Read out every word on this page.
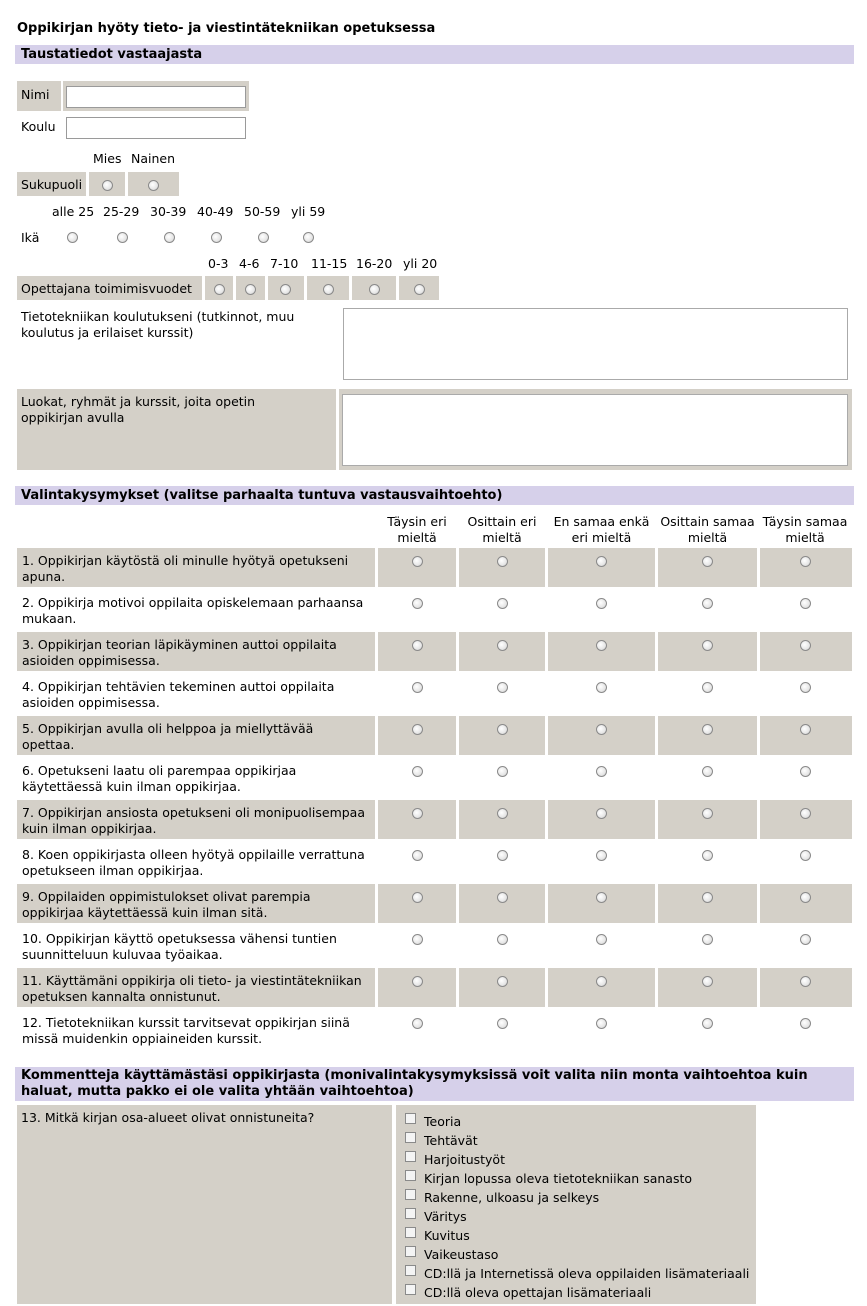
Oppikirjan hyöty tieto- ja viestintätekniikan opetuksessa
Taustatiedot vastaajasta
Nimi
Koulu
Mies Nainen
Sukupuoli
alle 25 25-29 30-39 40-49 50-59 yli 59
Ikä
0-3 4-6 7-10 11-15 16-20 yli 20
Opettajana toimimisvuodet
Tietotekniikan koulutukseni (tutkinnot, muu koulutus ja erilaiset kurssit)
Luokat, ryhmät ja kurssit, joita opetin oppikirjan avulla
Valintakysymykset (valitse parhaalta tuntuva vastausvaihtoehto)
Täysin eri mieltä
Osittain eri mieltä
En samaa enkä eri mieltä
Osittain samaa mieltä
Täysin samaa mieltä
1. Oppikirjan käytöstä oli minulle hyötyä opetukseni apuna.
2. Oppikirja motivoi oppilaita opiskelemaan parhaansa mukaan.
3. Oppikirjan teorian läpikäyminen auttoi oppilaita asioiden oppimisessa.
4. Oppikirjan tehtävien tekeminen auttoi oppilaita asioiden oppimisessa.
5. Oppikirjan avulla oli helppoa ja miellyttävää opettaa.
6. Opetukseni laatu oli parempaa oppikirjaa käytettäessä kuin ilman oppikirjaa.
7. Oppikirjan ansiosta opetukseni oli monipuolisempaa kuin ilman oppikirjaa.
8. Koen oppikirjasta olleen hyötyä oppilaille verrattuna opetukseen ilman oppikirjaa.
9. Oppilaiden oppimistulokset olivat parempia oppikirjaa käytettäessä kuin ilman sitä.
10. Oppikirjan käyttö opetuksessa vähensi tuntien suunnitteluun kuluvaa työaikaa.
11. Käyttämäni oppikirja oli tieto- ja viestintätekniikan opetuksen kannalta onnistunut.
12. Tietotekniikan kurssit tarvitsevat oppikirjan siinä missä muidenkin oppiaineiden kurssit.
Kommentteja käyttämästäsi oppikirjasta (monivalintakysymyksissä voit valita niin monta vaihtoehtoa kuin haluat, mutta pakko ei ole valita yhtään vaihtoehtoa)
13. Mitkä kirjan osa-alueet olivat onnistuneita?	Teoria
Tehtävät
Harjoitustyöt
Kirjan lopussa oleva tietotekniikan sanasto
Rakenne, ulkoasu ja selkeys
Väritys
Kuvitus
Vaikeustaso
CD:llä ja Internetissä oleva oppilaiden lisämateriaali
CD:llä oleva opettajan lisämateriaali
